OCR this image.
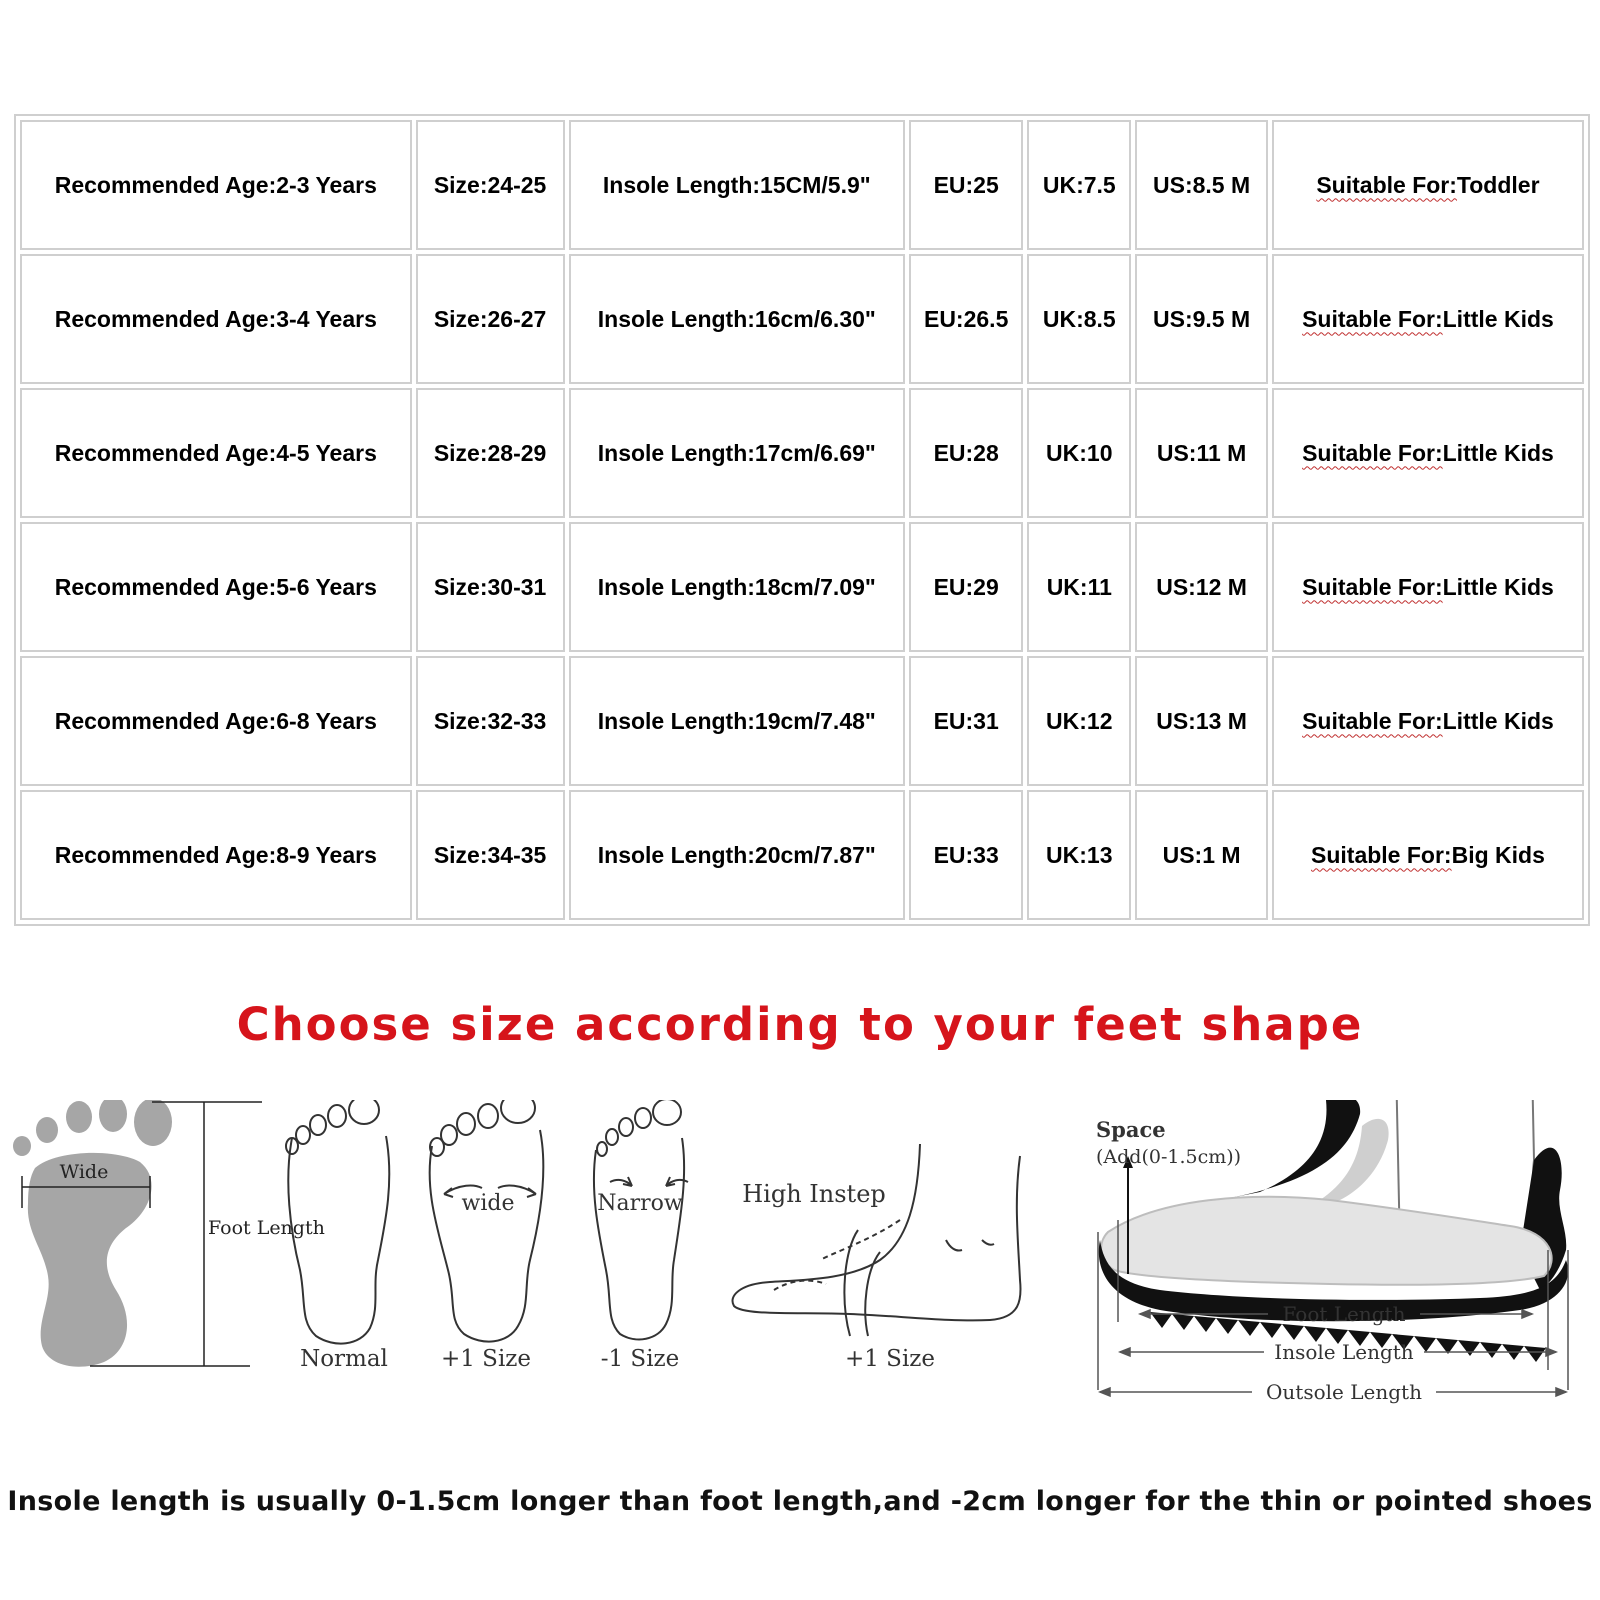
Recommended Age:2-3 Years	Size:24-25	Insole Length:15CM/5.9"	EU:25	UK:7.5	US:8.5 M	Suitable For:Toddler
Recommended Age:3-4 Years	Size:26-27	Insole Length:16cm/6.30"	EU:26.5	UK:8.5	US:9.5 M	Suitable For:Little Kids
Recommended Age:4-5 Years	Size:28-29	Insole Length:17cm/6.69"	EU:28	UK:10	US:11 M	Suitable For:Little Kids
Recommended Age:5-6 Years	Size:30-31	Insole Length:18cm/7.09"	EU:29	UK:11	US:12 M	Suitable For:Little Kids
Recommended Age:6-8 Years	Size:32-33	Insole Length:19cm/7.48"	EU:31	UK:12	US:13 M	Suitable For:Little Kids
Recommended Age:8-9 Years	Size:34-35	Insole Length:20cm/7.87"	EU:33	UK:13	US:1 M	Suitable For:Big Kids
Choose size according to your feet shape
Wide
Foot Length
Normal
wide
+1 Size
Narrow
-1 Size
High Instep
+1 Size
Space
(Add(0-1.5cm))
Foot Length
Insole Length
Outsole Length
Insole length is usually 0-1.5cm longer than foot length,and -2cm longer for the thin or pointed shoes
